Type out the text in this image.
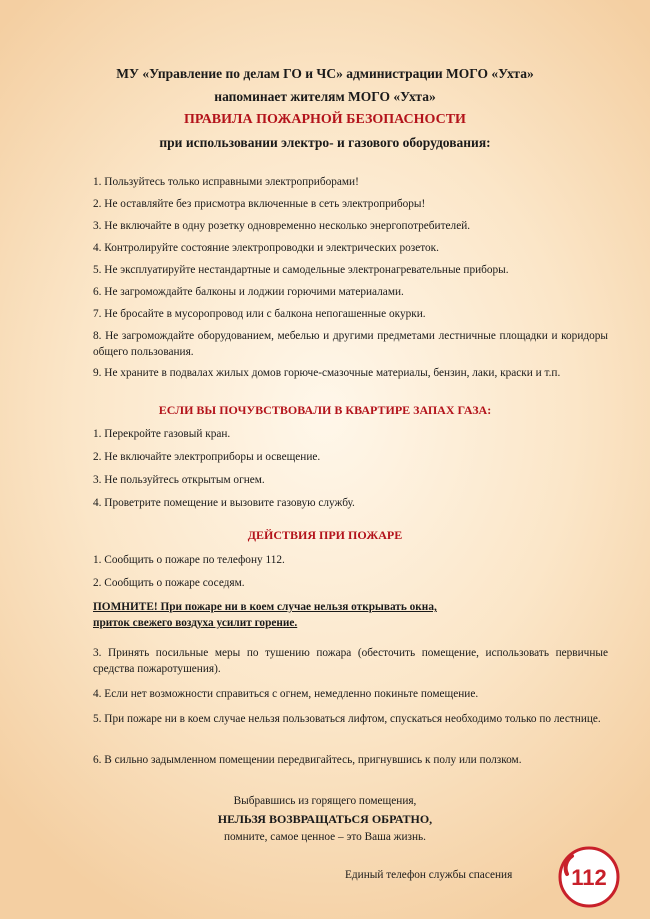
МУ «Управление по делам ГО и ЧС» администрации МОГО «Ухта»
напоминает жителям МОГО «Ухта»
ПРАВИЛА ПОЖАРНОЙ БЕЗОПАСНОСТИ
при использовании электро- и газового оборудования:
1. Пользуйтесь только исправными электроприборами!
2. Не оставляйте без присмотра включенные в сеть электроприборы!
3. Не включайте в одну розетку одновременно несколько энергопотребителей.
4. Контролируйте состояние электропроводки и электрических розеток.
5. Не эксплуатируйте нестандартные и самодельные электронагревательные приборы.
6. Не загромождайте балконы и лоджии горючими материалами.
7. Не бросайте в мусоропровод или с балкона непогашенные окурки.
8. Не загромождайте оборудованием, мебелью и другими предметами лестничные площадки и коридоры общего пользования.
9. Не храните в подвалах жилых домов горюче-смазочные материалы, бензин, лаки, краски и т.п.
ЕСЛИ ВЫ ПОЧУВСТВОВАЛИ В КВАРТИРЕ ЗАПАХ ГАЗА:
1. Перекройте газовый кран.
2. Не включайте электроприборы и освещение.
3. Не пользуйтесь открытым огнем.
4. Проветрите помещение и вызовите газовую службу.
ДЕЙСТВИЯ ПРИ ПОЖАРЕ
1. Сообщить о пожаре по телефону 112.
2. Сообщить о пожаре соседям.
ПОМНИТЕ! При пожаре ни в коем случае нельзя открывать окна,
приток свежего воздуха усилит горение.
3. Принять посильные меры по тушению пожара (обесточить помещение, использовать первичные средства пожаротушения).
4. Если нет возможности справиться с огнем, немедленно покиньте помещение.
5. При пожаре ни в коем случае нельзя пользоваться лифтом, спускаться необходимо только по лестнице.
6. В сильно задымленном помещении передвигайтесь, пригнувшись к полу или ползком.
Выбравшись из горящего помещения,
НЕЛЬЗЯ ВОЗВРАЩАТЬСЯ ОБРАТНО,
помните, самое ценное – это Ваша жизнь.
Единый телефон службы спасения	112
